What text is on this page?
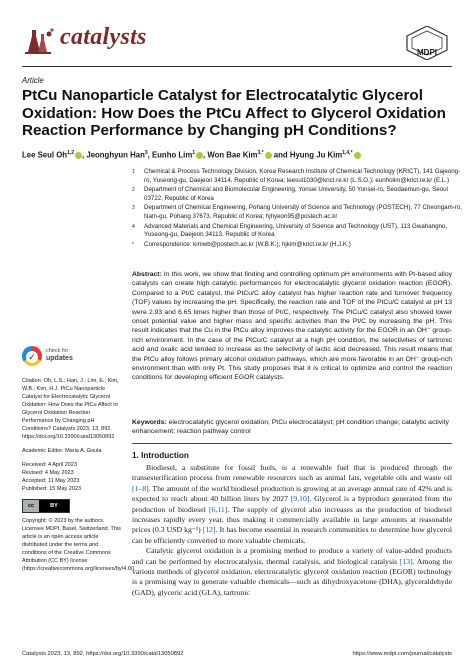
catalysts
MDPI
Article
PtCu Nanoparticle Catalyst for Electrocatalytic Glycerol Oxidation: How Does the PtCu Affect to Glycerol Oxidation Reaction Performance by Changing pH Conditions?
Lee Seul Oh$^{1,2}$ , Jeonghyun Han$^3$, Eunho Lim$^1$ , Won Bae Kim$^{3,*}$ and Hyung Ju Kim$^{1,4,*}$
1 Chemical & Process Technology Division, Korea Research Institute of Chemical Technology (KRICT), 141 Gajeong-ro, Yuseong-gu, Daejeon 34114, Republic of Korea; leesul1030@krict.re.kr (L.S.O.); eunholim@krict.re.kr (E.L.)
2 Department of Chemical and Biomolecular Engineering, Yonsei University, 50 Yonsei-ro, Seodaemun-gu, Seoul 03722, Republic of Korea
3 Department of Chemical Engineering, Pohang University of Science and Technology (POSTECH), 77 Cheongam-ro, Nam-gu, Pohang 37673, Republic of Korea; hjhyeon95@postech.ac.kr
4 Advanced Materials and Chemical Engineering, University of Science and Technology (UST), 113 Gwahangno, Yuseong-gu, Daejeon 34113, Republic of Korea
* Correspondence: kimwb@postech.ac.kr (W.B.K.); hjkim@krict.re.kr (H.J.K.)
✓
check for
updates
Citation: Oh, L.S.; Han, J.; Lim, E.; Kim, W.B.; Kim, H.J. PtCu Nanoparticle Catalyst for Electrocatalytic Glycerol Oxidation: How Does the PtCu Affect to Glycerol Oxidation Reaction Performance by Changing pH Conditions? Catalysts 2023, 13, 892. https://doi.org/10.3390/catal13050892
Academic Editor: Maria A. Goula
Received: 4 April 2023
Revised: 4 May 2023
Accepted: 11 May 2023
Published: 15 May 2023
cc	BY
Copyright: © 2023 by the authors. Licensee MDPI, Basel, Switzerland. This article is an open access article distributed under the terms and conditions of the Creative Commons Attribution (CC BY) license (https://creativecommons.org/licenses/by/4.0/).
Abstract: In this work, we show that finding and controlling optimum pH environments with Pt-based alloy catalysts can create high catalytic performances for electrocatalytic glycerol oxidation reaction (EGOR). Compared to a Pt/C catalyst, the PtCu/C alloy catalyst has higher reaction rate and turnover frequency (TOF) values by increasing the pH. Specifically, the reaction rate and TOF of the PtCu/C catalyst at pH 13 were 2.93 and 6.65 times higher than those of Pt/C, respectively. The PtCu/C catalyst also showed lower onset potential value and higher mass and specific activities than the Pt/C by increasing the pH. This result indicates that the Cu in the PtCu alloy improves the catalytic activity for the EGOR in an OH⁻ group-rich environment. In the case of the PtCu/C catalyst at a high pH condition, the selectivities of tartronic acid and oxalic acid tended to increase as the selectivity of lactic acid decreased. This result means that the PtCu alloy follows primary alcohol oxidation pathways, which are more favorable in an OH⁻ group-rich environment than with only Pt. This study proposes that it is critical to optimize and control the reaction conditions for developing efficient EGOR catalysts.
Keywords: electrocatalytic glycerol oxidation; PtCu electrocatalyst; pH condition change; catalytic activity enhancement; reaction pathway control
1. Introduction

Biodiesel, a substitute for fossil fuels, is a renewable fuel that is produced through the transesterification process from renewable resources such as animal fats, vegetable oils and waste oil [1–8]. The amount of the world biodiesel production is growing at an average annual rate of 42% and is expected to reach about 40 billion liters by 2027 [9,10]. Glycerol is a byproduct generated from the production of biodiesel [6,11]. The supply of glycerol also increases as the production of biodiesel increases rapidly every year, thus making it commercially available in large amounts at reasonable prices (0.3 USD kg⁻¹) [12]. It has become essential in research communities to determine how glycerol can be efficiently converted to more valuable chemicals.

Catalytic glycerol oxidation is a promising method to produce a variety of value-added products and can be performed by electrocatalysis, thermal catalysis, and biological catalysis [13]. Among the various methods of glycerol oxidation, electrocatalytic glycerol oxidation reaction (EGOR) technology is a promising way to generate valuable chemicals—such as dihydroxyacetone (DHA), glyceraldehyde (GAD), glyceric acid (GLA), tartronic

Catalysts 2023, 13, 892. https://doi.org/10.3390/catal13050892	https://www.mdpi.com/journal/catalysts
